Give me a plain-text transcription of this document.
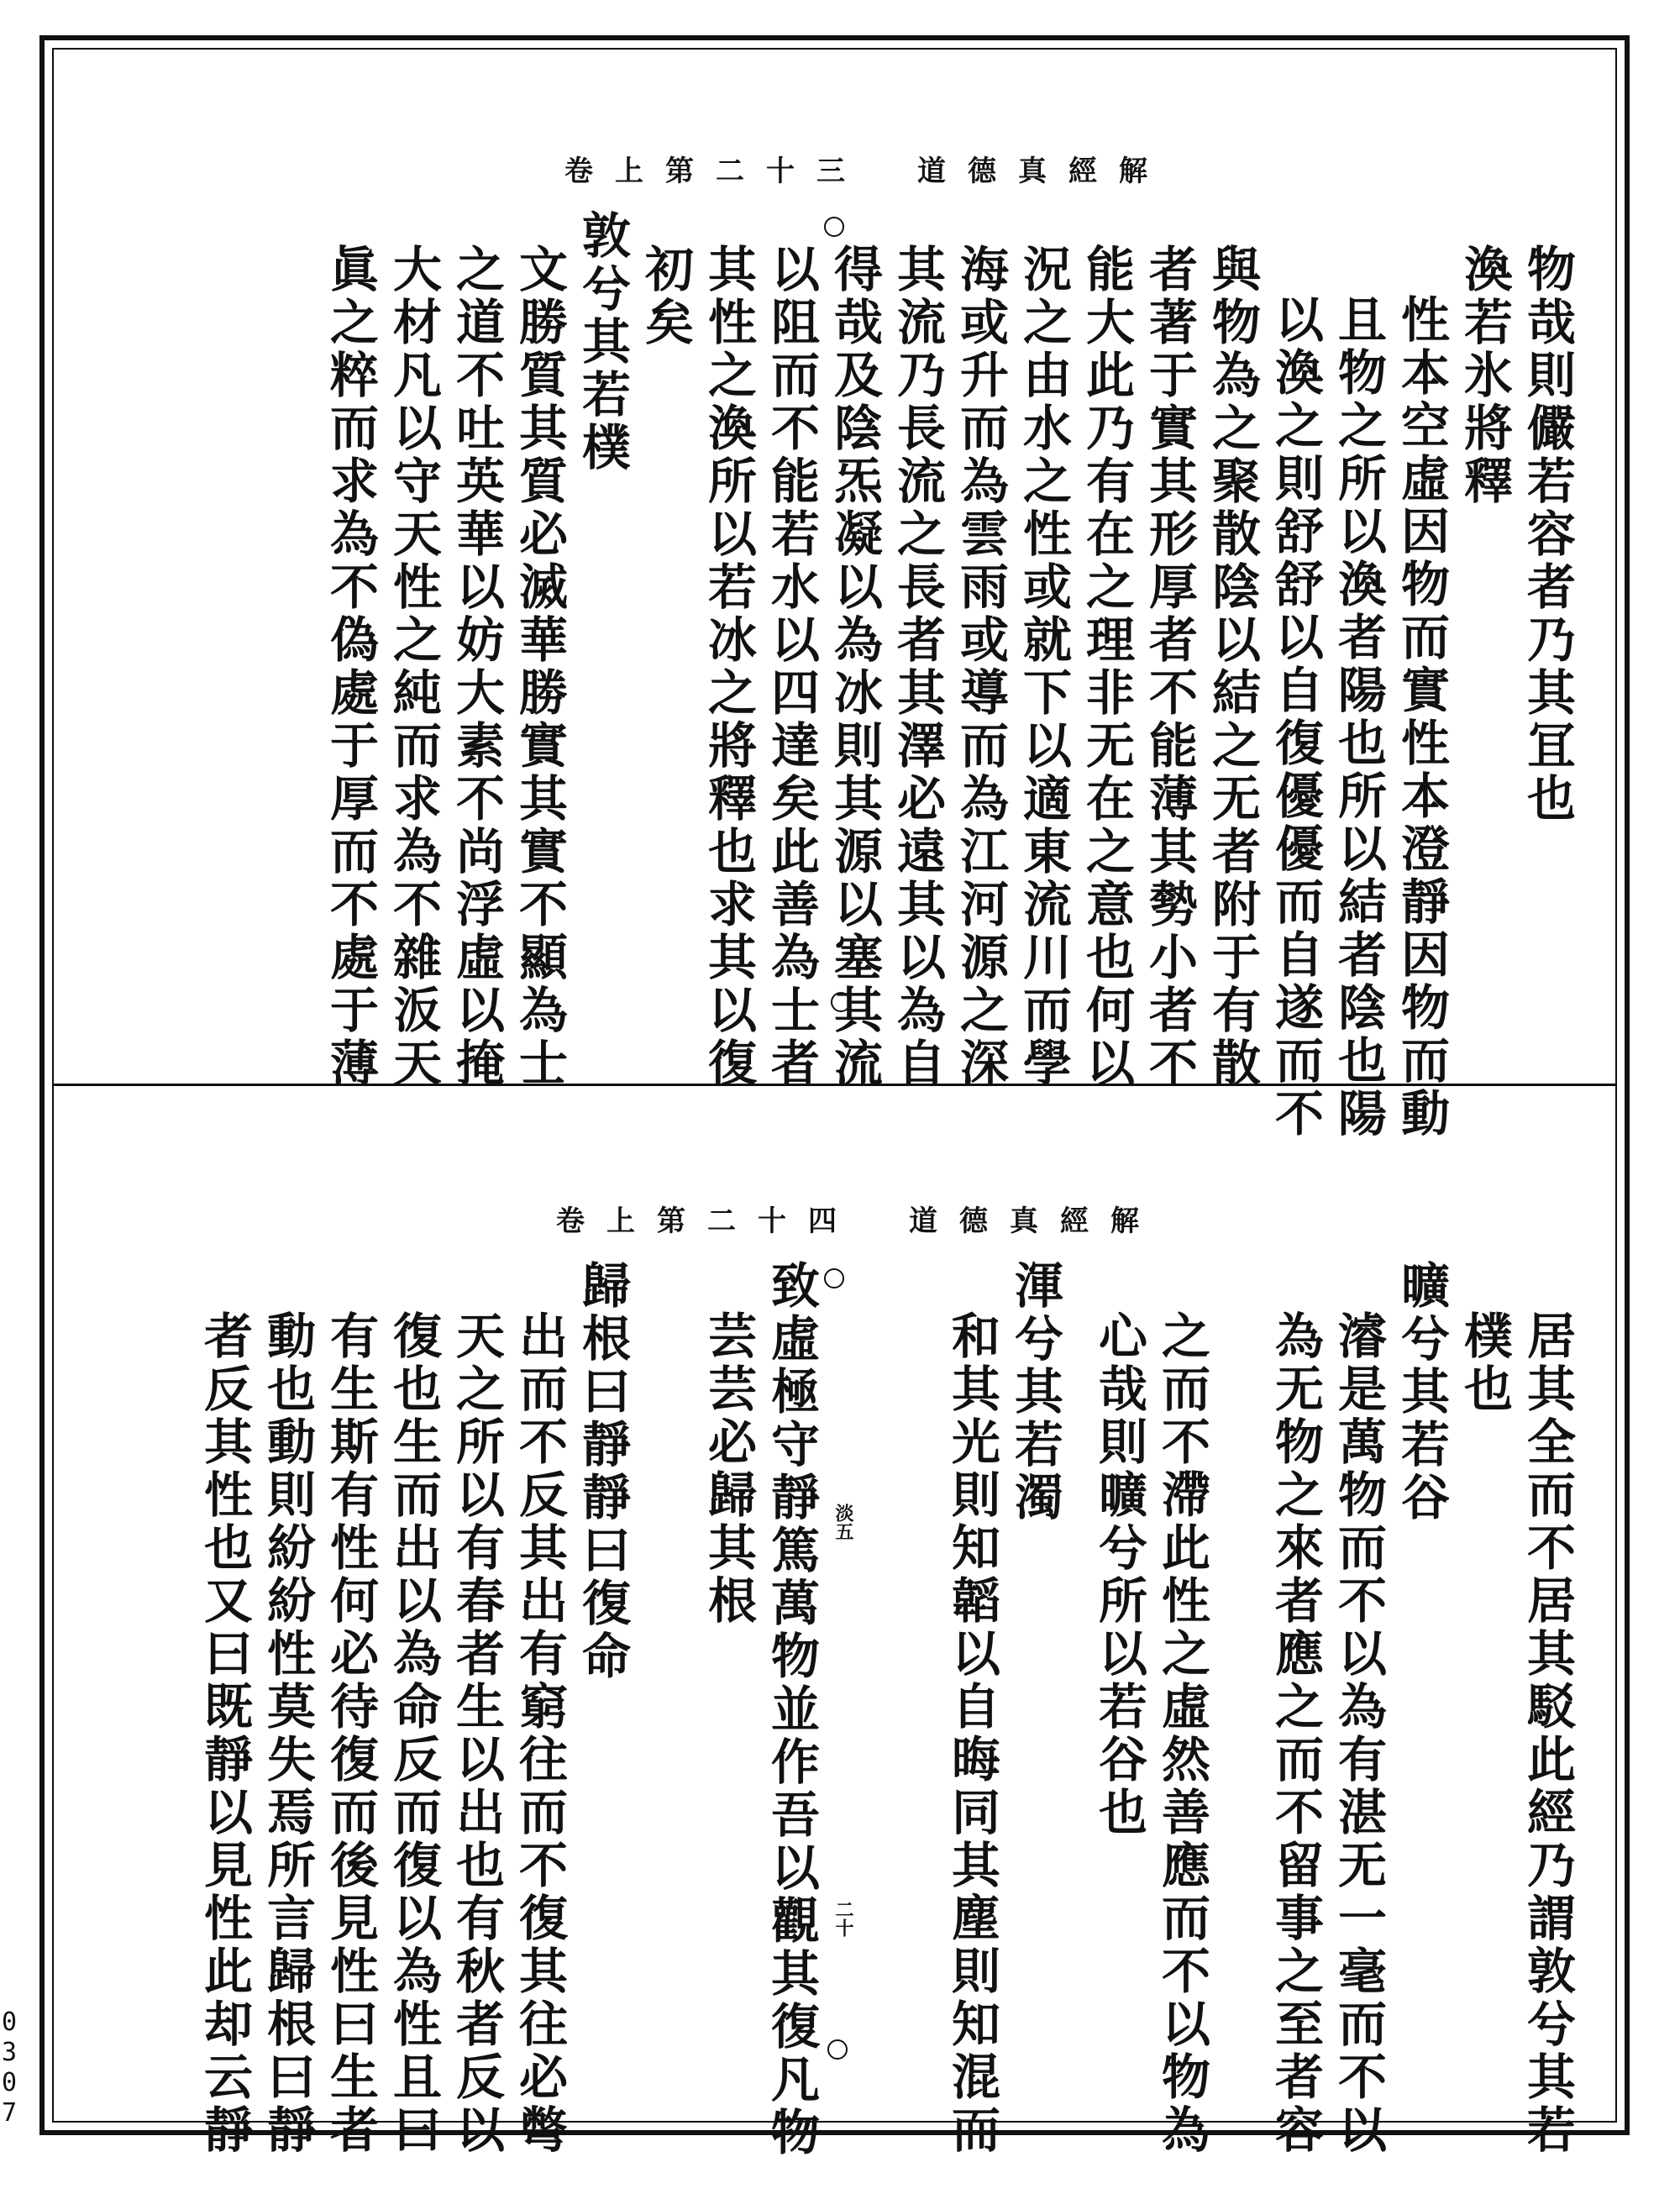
卷上第二十三 道德真經解
物哉則儼若容者乃其冝也
渙若氷將釋
性本空虛因物而實性本澄靜因物而動
且物之所以渙者陽也所以結者陰也陽
以渙之則舒舒以自復優優而自遂而不
與物為之聚散陰以結之无者附于有散
者著于實其形厚者不能薄其勢小者不
能大此乃有在之理非无在之意也何以
況之由水之性或就下以適東流川而學
海或升而為雲雨或導而為江河源之深
其流乃長流之長者其澤必遠其以為自
得哉及陰炁凝以為冰則其源以塞其流
以阻而不能若水以四達矣此善為士者
其性之渙所以若冰之將釋也求其以復
初矣
敦兮其若樸
文勝質其質必滅華勝實其實不顯為士
之道不吐英華以妨大素不尚浮虛以掩
大材凡以守天性之純而求為不雜汳天
眞之粹而求為不偽處于厚而不處于薄
卷上第二十四 道德真經解
居其全而不居其駁此經乃謂敦兮其若
樸也
曠兮其若谷
濬是萬物而不以為有湛无一毫而不以
為无物之來者應之而不留事之至者容
之而不滯此性之虛然善應而不以物為
心哉則曠兮所以若谷也
渾兮其若濁
和其光則知韜以自晦同其塵則知混而
致虛極守靜篤萬物並作吾以觀其復凡物
芸芸必歸其根
歸根曰靜靜曰復命
出而不反其出有窮往而不復其往必彆
天之所以有春者生以出也有秋者反以
復也生而出以為命反而復以為性且曰
有生斯有性何必待復而後見性曰生者
動也動則紛紛性莫失焉所言歸根曰靜
者反其性也又曰既靜以見性此却云靜	淡五
二十
0307
